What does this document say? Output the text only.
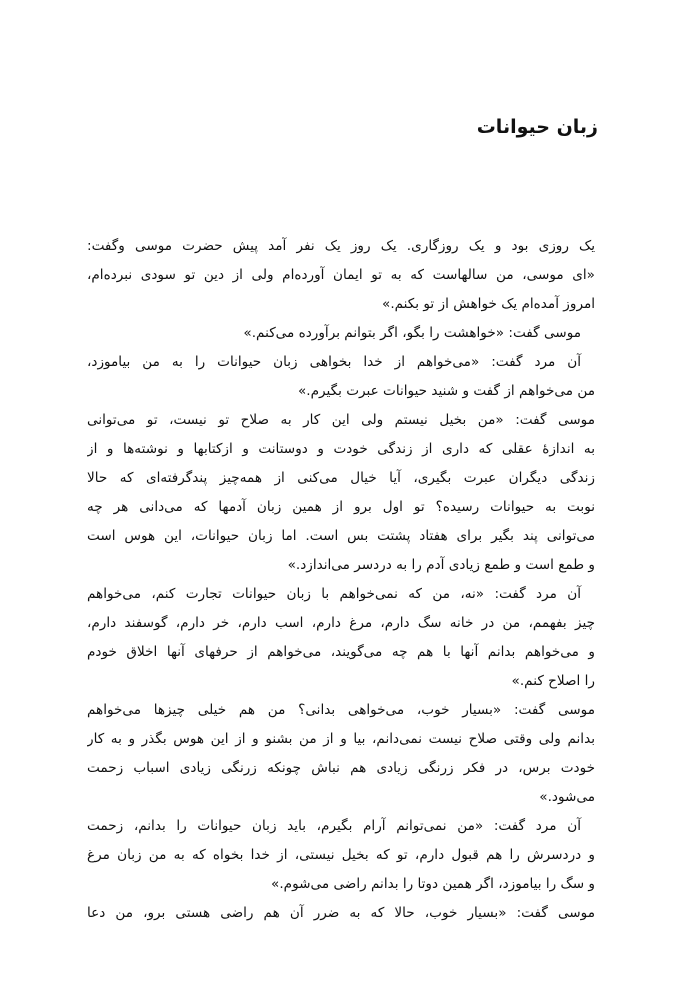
زبان حیوانات
یک روزی بود و یک روزگاری. یک روز یک نفر آمد پیش حضرت موسی وگفت:
«ای موسی، من سالهاست که به تو ایمان آورده‌ام ولی از دین تو سودی نبرده‌ام،
امروز آمده‌ام یک خواهش از تو بکنم.»
موسی گفت: «خواهشت را بگو، اگر بتوانم برآورده می‌کنم.»
آن مرد گفت: «می‌خواهم از خدا بخواهی زبان حیوانات را به من بیاموزد،
من می‌خواهم از گفت و شنید حیوانات عبرت بگیرم.»
موسی گفت: «من بخیل نیستم ولی این کار به صلاح تو نیست، تو می‌توانی
به اندازهٔ عقلی که داری از زندگی خودت و دوستانت و ازکتابها و نوشته‌ها و از
زندگی دیگران عبرت بگیری، آیا خیال می‌کنی از همه‌چیز پندگرفته‌ای که حالا
نوبت به حیوانات رسیده؟ تو اول برو از همین زبان آدمها که می‌دانی هر چه
می‌توانی پند بگیر برای هفتاد پشتت بس است. اما زبان حیوانات، این هوس است
و طمع است و طمع زیادی آدم را به دردسر می‌اندازد.»
آن مرد گفت: «نه، من که نمی‌خواهم با زبان حیوانات تجارت کنم، می‌خواهم
چیز بفهمم، من در خانه سگ دارم، مرغ دارم، اسب دارم، خر دارم، گوسفند دارم،
و می‌خواهم بدانم آنها با هم چه می‌گویند، می‌خواهم از حرفهای آنها اخلاق خودم
را اصلاح کنم.»
موسی گفت: «بسیار خوب، می‌خواهی بدانی؟ من هم خیلی چیزها می‌خواهم
بدانم ولی وقتی صلاح نیست نمی‌دانم، بیا و از من بشنو و از این هوس بگذر و به کار
خودت برس، در فکر زرنگی زیادی هم نباش چونکه زرنگی زیادی اسباب زحمت
می‌شود.»
آن مرد گفت: «من نمی‌توانم آرام بگیرم، باید زبان حیوانات را بدانم، زحمت
و دردسرش را هم قبول دارم، تو که بخیل نیستی، از خدا بخواه که به من زبان مرغ
و سگ را بیاموزد، اگر همین دوتا را بدانم راضی می‌شوم.»
موسی گفت: «بسیار خوب، حالا که به ضرر آن هم راضی هستی برو، من دعا
